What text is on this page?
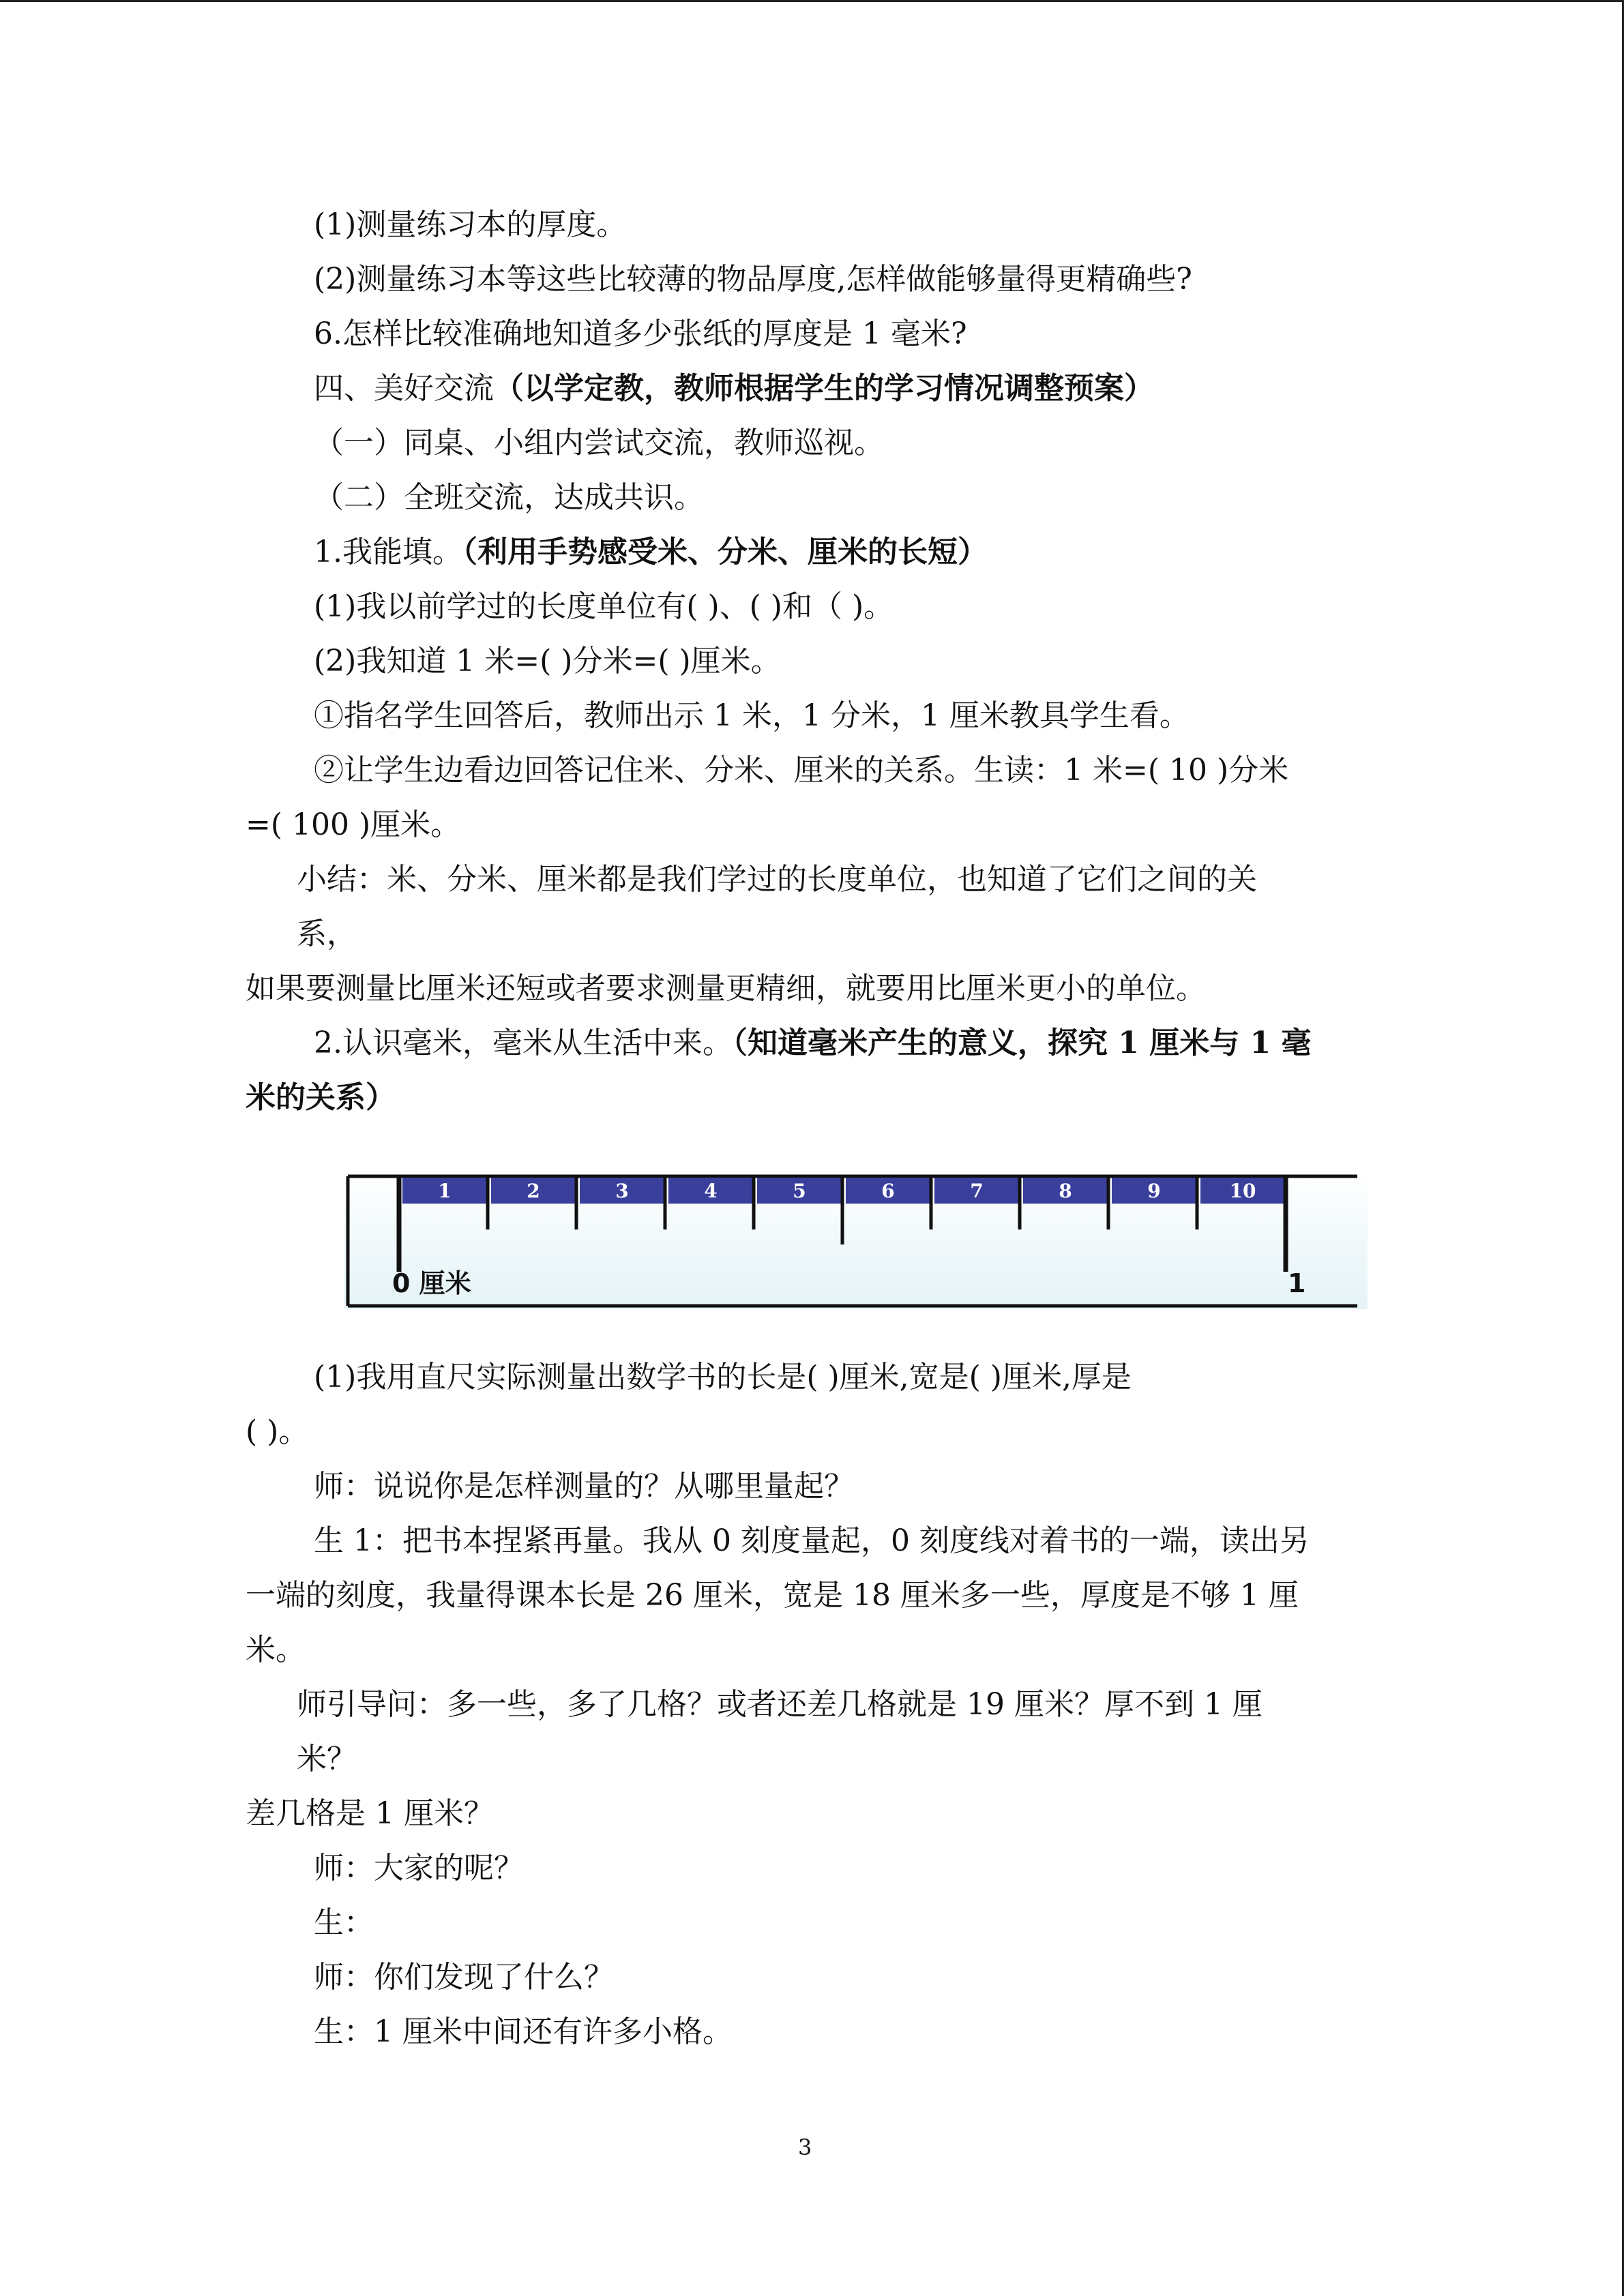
(1)测量练习本的厚度。
(2)测量练习本等这些比较薄的物品厚度,怎样做能够量得更精确些?
6.怎样比较准确地知道多少张纸的厚度是 1 毫米?
四、美好交流（以学定教，教师根据学生的学习情况调整预案）
（一）同桌、小组内尝试交流，教师巡视。
（二）全班交流，达成共识。
1.我能填。（利用手势感受米、分米、厘米的长短）
(1)我以前学过的长度单位有( )、( )和（ )。
(2)我知道 1 米=( )分米=( )厘米。
①指名学生回答后，教师出示 1 米，1 分米，1 厘米教具学生看。
②让学生边看边回答记住米、分米、厘米的关系。生读：1 米=( 10 )分米
=( 100 )厘米。
小结：米、分米、厘米都是我们学过的长度单位，也知道了它们之间的关
系，
如果要测量比厘米还短或者要求测量更精细，就要用比厘米更小的单位。
2.认识毫米，毫米从生活中来。（知道毫米产生的意义，探究 1 厘米与 1 毫
米的关系）
(1)我用直尺实际测量出数学书的长是( )厘米,宽是( )厘米,厚是
( )。
师：说说你是怎样测量的？从哪里量起？
生 1：把书本捏紧再量。我从 0 刻度量起，0 刻度线对着书的一端，读出另
一端的刻度，我量得课本长是 26 厘米，宽是 18 厘米多一些，厚度是不够 1 厘
米。
师引导问：多一些，多了几格？或者还差几格就是 19 厘米？厚不到 1 厘
米？
差几格是 1 厘米？
师：大家的呢？
生：
师：你们发现了什么？
生：1 厘米中间还有许多小格。
1	2	3	4	5	6	7	8	9	10
0 厘米	1
3
